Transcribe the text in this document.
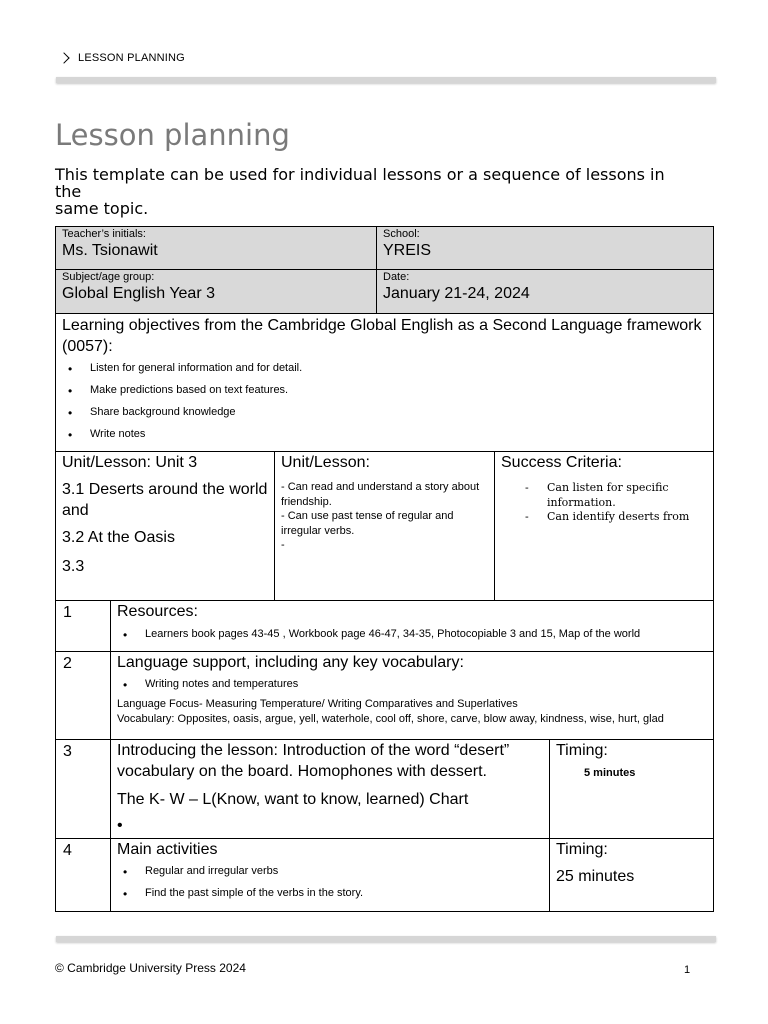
LESSON PLANNING
Lesson planning
This template can be used for individual lessons or a sequence of lessons in the
same topic.
Teacher’s initials:
Ms. Tsionawit
School:
YREIS
Subject/age group:
Global English Year 3
Date:
January 21-24, 2024
Learning objectives from the Cambridge Global English as a Second Language framework (0057):
• Listen for general information and for detail.
• Make predictions based on text features.
• Share background knowledge
• Write notes
Unit/Lesson: Unit 3
3.1 Deserts around the world and
3.2 At the Oasis
3.3
Unit/Lesson:
- Can read and understand a story about friendship.
- Can use past tense of regular and irregular verbs.
-
Success Criteria:
- Can listen for specific information.
- Can identify deserts from
1	Resources:
• Learners book pages 43-45 , Workbook page 46-47, 34-35, Photocopiable 3 and 15, Map of the world
2	Language support, including any key vocabulary:
• Writing notes and temperatures
Language Focus- Measuring Temperature/ Writing Comparatives and Superlatives
Vocabulary: Opposites, oasis, argue, yell, waterhole, cool off, shore, carve, blow away, kindness, wise, hurt, glad
3	Introducing the lesson: Introduction of the word “desert” vocabulary on the board. Homophones with dessert.
The K- W – L(Know, want to know, learned) Chart
•
Timing:
5 minutes
4	Main activities
• Regular and irregular verbs
• Find the past simple of the verbs in the story.
Timing:
25 minutes
© Cambridge University Press 2024	1
